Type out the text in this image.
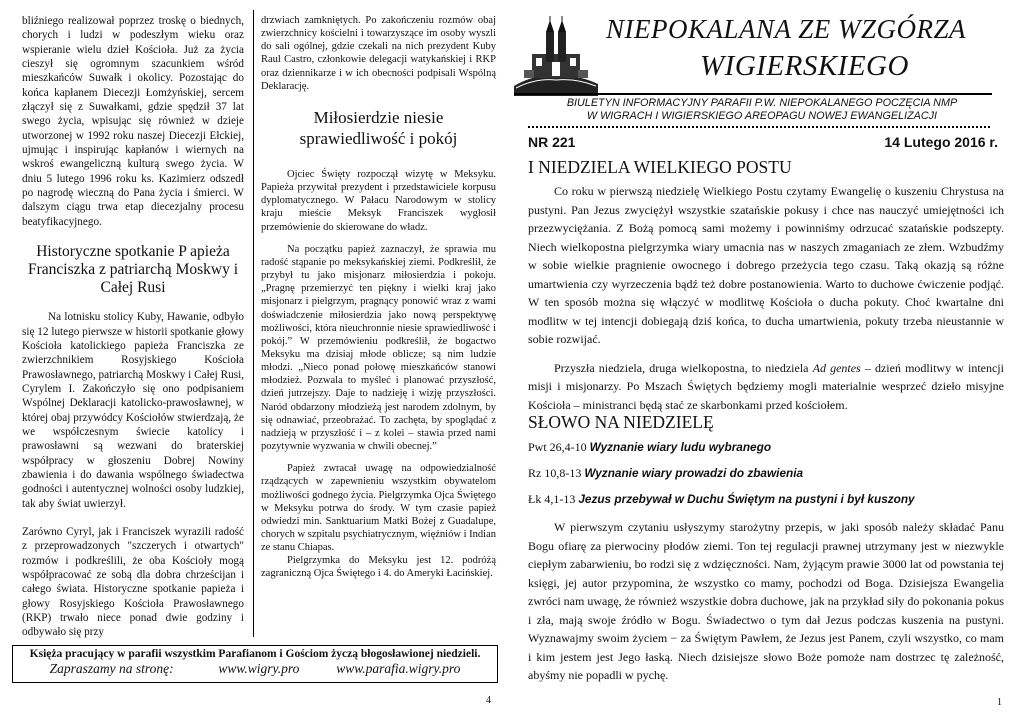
bliźniego realizował poprzez troskę o biednych, chorych i ludzi w podeszłym wieku oraz wspieranie wielu dzieł Kościoła. Już za życia cieszył się ogromnym szacunkiem wśród mieszkańców Suwałk i okolicy. Pozostając do końca kapłanem Diecezji Łomżyńskiej, sercem złączył się z Suwałkami, gdzie spędził 37 lat swego życia, wpisując się również w dzieje utworzonej w 1992 roku naszej Diecezji Ełckiej, ujmując i inspirując kapłanów i wiernych na wskroś ewangeliczną kulturą swego życia. W dniu 5 lutego 1996 roku ks. Kazimierz odszedł po nagrodę wieczną do Pana życia i śmierci. W dalszym ciągu trwa etap diecezjalny procesu beatyfikacyjnego.

Historyczne spotkanie P apieża Franciszka z patriarchą Moskwy i Całej Rusi

Na lotnisku stolicy Kuby, Hawanie, odbyło się 12 lutego pierwsze w historii spotkanie głowy Kościoła katolickiego papieża Franciszka ze zwierzchnikiem Rosyjskiego Kościoła Prawosławnego, patriarchą Moskwy i Całej Rusi, Cyrylem I. Zakończyło się ono podpisaniem Wspólnej Deklaracji katolicko-prawosławnej, w której obaj przywódcy Kościołów stwierdzają, że we współczesnym świecie katolicy i prawosławni są wezwani do braterskiej współpracy w głoszeniu Dobrej Nowiny zbawienia i do dawania wspólnego świadectwa godności i autentycznej wolności osoby ludzkiej, tak aby świat uwierzył.

Zarówno Cyryl, jak i Franciszek wyrazili radość z przeprowadzonych "szczerych i otwartych" rozmów i podkreślili, że oba Kościoły mogą współpracować ze sobą dla dobra chrześcijan i całego świata. Historyczne spotkanie papieża i głowy Rosyjskiego Kościoła Prawosławnego (RKP) trwało niece ponad dwie godziny i odbywało się przy

drzwiach zamkniętych. Po zakończeniu rozmów obaj zwierzchnicy kościelni i towarzyszące im osoby wyszli do sali ogólnej, gdzie czekali na nich prezydent Kuby Raul Castro, członkowie delegacji watykańskiej i RKP oraz dziennikarze i w ich obecności podpisali Wspólną Deklarację.

Miłosierdzie niesie sprawiedliwość i pokój

Ojciec Święty rozpoczął wizytę w Meksyku. Papieża przywitał prezydent i przedstawiciele korpusu dyplomatycznego. W Pałacu Narodowym w stolicy kraju mieście Meksyk Franciszek wygłosił przemówienie do skierowane do władz.

Na początku papież zaznaczył, że sprawia mu radość stąpanie po meksykańskiej ziemi. Podkreślił, że przybył tu jako misjonarz miłosierdzia i pokoju. „Pragnę przemierzyć ten piękny i wielki kraj jako misjonarz i pielgrzym, pragnący ponowić wraz z wami doświadczenie miłosierdzia jako nową perspektywę możliwości, która nieuchronnie niesie sprawiedliwość i pokój.” W przemówieniu podkreślił, że bogactwo Meksyku ma dzisiaj młode oblicze; są nim ludzie młodzi. „Nieco ponad połowę mieszkańców stanowi młodzież. Pozwala to myśleć i planować przyszłość, dzień jutrzejszy. Daje to nadzieję i wizję przyszłości. Naród obdarzony młodzieżą jest narodem zdolnym, by się odnawiać, przeobrażać. To zachęta, by spoglądać z nadzieją w przyszłość i – z kolei – stawia przed nami pozytywnie wyzwania w chwili obecnej.”

Papież zwracał uwagę na odpowiedzialność rządzących w zapewnieniu wszystkim obywatelom możliwości godnego życia. Pielgrzymka Ojca Świętego w Meksyku potrwa do środy. W tym czasie papież odwiedzi min. Sanktuarium Matki Bożej z Guadalupe, chorych w szpitalu psychiatrycznym, więźniów i Indian ze stanu Chiapas.

Pielgrzymka do Meksyku jest 12. podróżą zagraniczną Ojca Świętego i 4. do Ameryki Łacińskiej.

Księża pracujący w parafii wszystkim Parafianom i Gościom życzą błogosławionej niedzieli.
Zapraszamy na stronę:	www.wigry.pro	www.parafia.wigry.pro
4
NIEPOKALANA ZE WZGÓRZA
WIGIERSKIEGO
BIULETYN INFORMACYJNY PARAFII P.W. NIEPOKALANEGO POCZĘCIA NMP
W WIGRACH I WIGIERSKIEGO AREOPAGU NOWEJ EWANGELIZACJI
NR 221	14 Lutego 2016 r.
I NIEDZIELA WIELKIEGO POSTU

Co roku w pierwszą niedzielę Wielkiego Postu czytamy Ewangelię o kuszeniu Chrystusa na pustyni. Pan Jezus zwyciężył wszystkie szatańskie pokusy i chce nas nauczyć umiejętności ich przezwyciężania. Z Bożą pomocą sami możemy i powinniśmy odrzucać szatańskie podszepty. Niech wielkopostna pielgrzymka wiary umacnia nas w naszych zmaganiach ze złem. Wzbudźmy w sobie wielkie pragnienie owocnego i dobrego przeżycia tego czasu. Taką okazją są różne umartwienia czy wyrzeczenia bądź też dobre postanowienia. Warto to duchowe ćwiczenie podjąć. W ten sposób można się włączyć w modlitwę Kościoła o ducha pokuty. Choć kwartalne dni modlitw w tej intencji dobiegają dziś końca, to ducha umartwienia, pokuty trzeba nieustannie w sobie rozwijać.

Przyszła niedziela, druga wielkopostna, to niedziela Ad gentes – dzień modlitwy w intencji misji i misjonarzy. Po Mszach Świętych będziemy mogli materialnie wesprzeć dzieło misyjne Kościoła – ministranci będą stać ze skarbonkami przed kościołem.

SŁOWO NA NIEDZIELĘ
Pwt 26,4-10 Wyznanie wiary ludu wybranego
Rz 10,8-13 Wyznanie wiary prowadzi do zbawienia
Łk 4,1-13 Jezus przebywał w Duchu Świętym na pustyni i był kuszony

W pierwszym czytaniu usłyszymy starożytny przepis, w jaki sposób należy składać Panu Bogu ofiarę za pierwociny płodów ziemi. Ton tej regulacji prawnej utrzymany jest w niezwykle ciepłym zabarwieniu, bo rodzi się z wdzięczności. Nam, żyjącym prawie 3000 lat od powstania tej księgi, jej autor przypomina, że wszystko co mamy, pochodzi od Boga. Dzisiejsza Ewangelia zwróci nam uwagę, że również wszystkie dobra duchowe, jak na przykład siły do pokonania pokus i zła, mają swoje źródło w Bogu. Świadectwo o tym dał Jezus podczas kuszenia na pustyni. Wyznawajmy swoim życiem − za Świętym Pawłem, że Jezus jest Panem, czyli wszystko, co mam i kim jestem jest Jego łaską. Niech dzisiejsze słowo Boże pomoże nam dostrzec tę zależność, abyśmy nie popadli w pychę.

1
